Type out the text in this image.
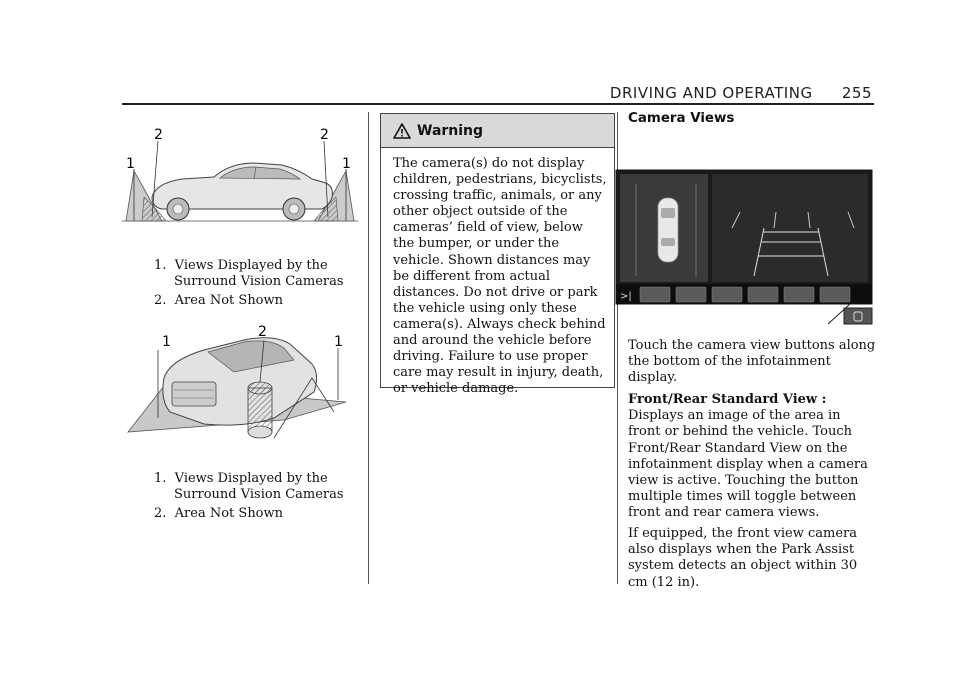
DRIVING AND OPERATING 255
1
2	2
1
1.  Views Displayed by the Surround Vision Cameras
2.  Area Not Shown
1
2
1
1.  Views Displayed by the Surround Vision Cameras
2.  Area Not Shown
Warning
The camera(s) do not display children, pedestrians, bicyclists, crossing traffic, animals, or any other object outside of the cameras’ field of view, below the bumper, or under the vehicle. Shown distances may be different from actual distances. Do not drive or park the vehicle using only these camera(s). Always check behind and around the vehicle before driving. Failure to use proper care may result in injury, death, or vehicle damage.
Camera Views
>|
Touch the camera view buttons along the bottom of the infotainment display.
Front/Rear Standard View : Displays an image of the area in front or behind the vehicle. Touch Front/Rear Standard View on the infotainment display when a camera view is active. Touching the button multiple times will toggle between front and rear camera views.
If equipped, the front view camera also displays when the Park Assist system detects an object within 30 cm (12 in).
